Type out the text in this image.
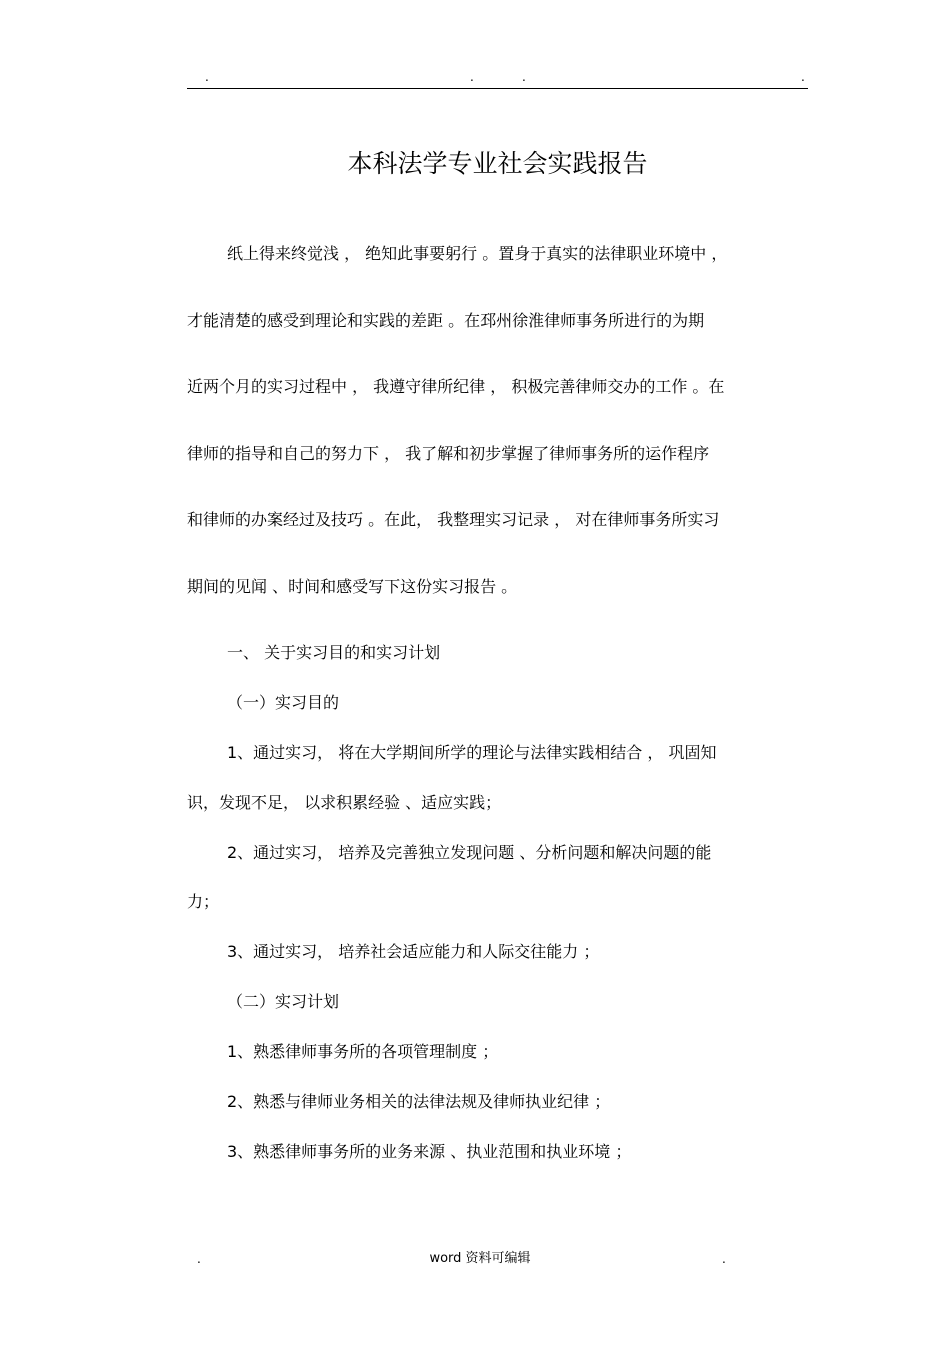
.	.	.	.
本科法学专业社会实践报告
纸上得来终觉浅 ， 绝知此事要躬行 。置身于真实的法律职业环境中 ，
才能清楚的感受到理论和实践的差距 。在邳州徐淮律师事务所进行的为期
近两个月的实习过程中 ， 我遵守律所纪律 ， 积极完善律师交办的工作 。在
律师的指导和自己的努力下 ， 我了解和初步掌握了律师事务所的运作程序
和律师的办案经过及技巧 。在此， 我整理实习记录 ， 对在律师事务所实习
期间的见闻 、时间和感受写下这份实习报告 。
一、 关于实习目的和实习计划
（一）实习目的
1、通过实习， 将在大学期间所学的理论与法律实践相结合 ， 巩固知
识，发现不足， 以求积累经验 、适应实践；
2、通过实习， 培养及完善独立发现问题 、分析问题和解决问题的能
力；
3、通过实习， 培养社会适应能力和人际交往能力 ；
（二）实习计划
1、熟悉律师事务所的各项管理制度 ；
2、熟悉与律师业务相关的法律法规及律师执业纪律 ；
3、熟悉律师事务所的业务来源 、执业范围和执业环境 ；
.	word 资料可编辑	.
